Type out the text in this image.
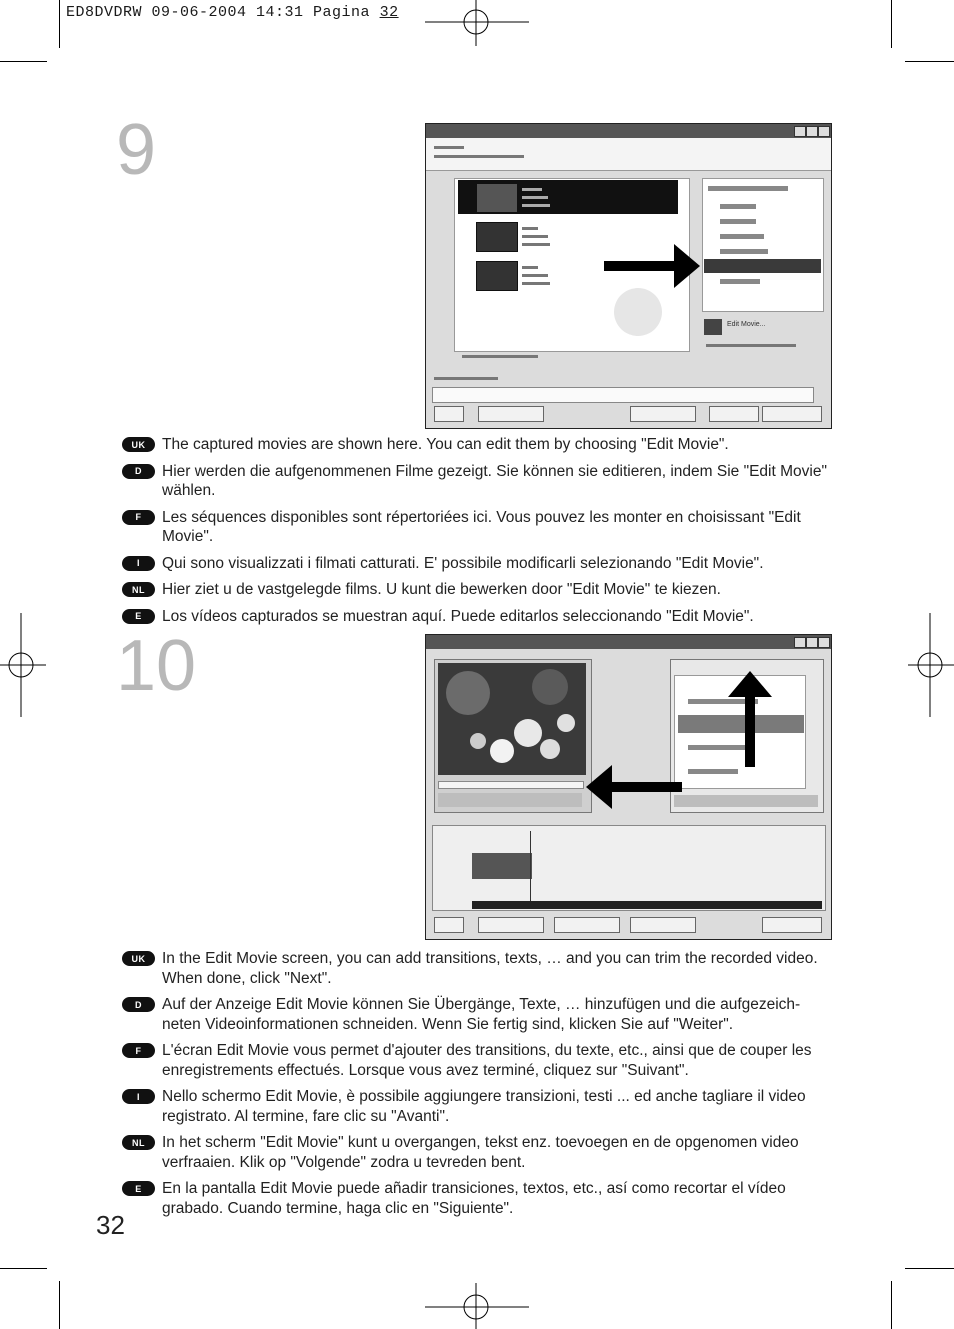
ED8DVDRW 09-06-2004 14:31 Pagina 32
9
Edit Movie...
UK	The captured movies are shown here. You can edit them by choosing "Edit Movie".
D	Hier werden die aufgenommenen Filme gezeigt. Sie können sie editieren, indem Sie "Edit Movie" wählen.
F	Les séquences disponibles sont répertoriées ici. Vous pouvez les monter en choisissant "Edit Movie".
I	Qui sono visualizzati i filmati catturati. E' possibile modificarli selezionando "Edit Movie".
NL	Hier ziet u de vastgelegde films. U kunt die bewerken door "Edit Movie" te kiezen.
E	Los vídeos capturados se muestran aquí. Puede editarlos seleccionando "Edit Movie".
10
UK	In the Edit Movie screen, you can add transitions, texts, … and you can trim the recorded video. When done, click "Next".
D	Auf der Anzeige Edit Movie können Sie Übergänge, Texte, … hinzufügen und die aufgezeich-neten Videoinformationen schneiden. Wenn Sie fertig sind, klicken Sie auf "Weiter".
F	L'écran Edit Movie vous permet d'ajouter des transitions, du texte, etc., ainsi que de couper les enregistrements effectués. Lorsque vous avez terminé, cliquez sur "Suivant".
I	Nello schermo Edit Movie, è possibile aggiungere transizioni, testi ... ed anche tagliare il video registrato. Al termine, fare clic su "Avanti".
NL	In het scherm "Edit Movie" kunt u overgangen, tekst enz. toevoegen en de opgenomen video verfraaien. Klik op "Volgende" zodra u tevreden bent.
E	En la pantalla Edit Movie puede añadir transiciones, textos, etc., así como recortar el vídeo grabado. Cuando termine, haga clic en "Siguiente".
32
